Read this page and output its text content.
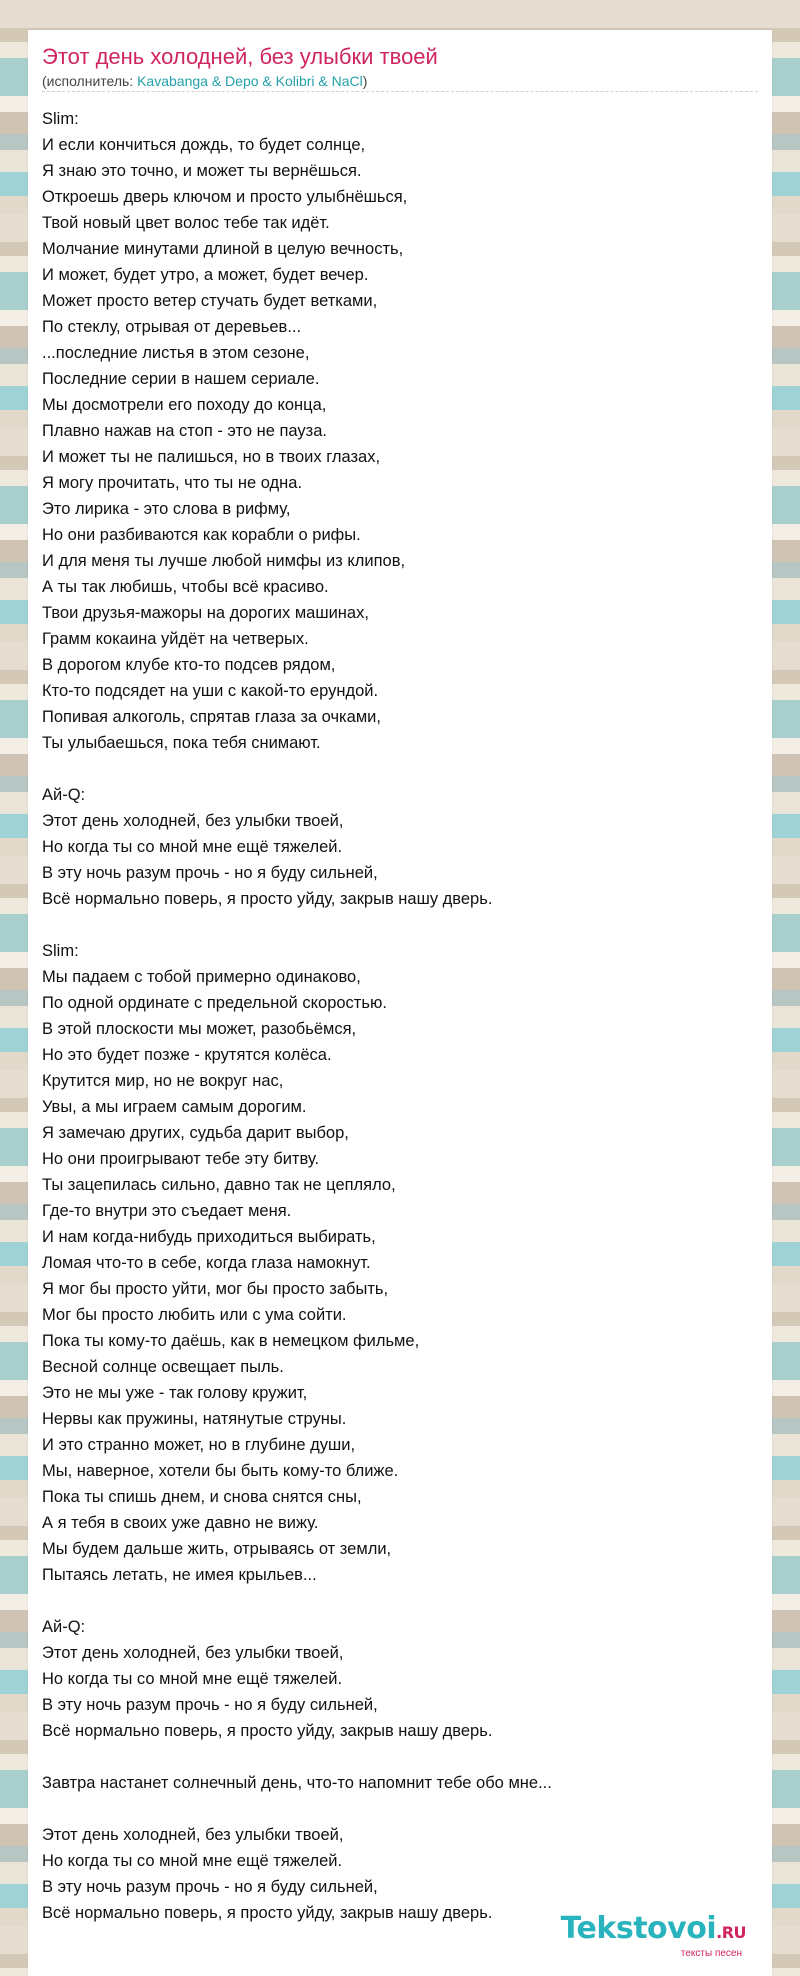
Этот день холодней, без улыбки твоей
(исполнитель: Kavabanga & Depo & Kolibri & NaCl)
Slim:
И если кончиться дождь, то будет солнце,
Я знаю это точно, и может ты вернёшься.
Откроешь дверь ключом и просто улыбнёшься,
Твой новый цвет волос тебе так идёт.
Молчание минутами длиной в целую вечность,
И может, будет утро, а может, будет вечер.
Может просто ветер стучать будет ветками,
По стеклу, отрывая от деревьев...
...последние листья в этом сезоне,
Последние серии в нашем сериале.
Мы досмотрели его походу до конца,
Плавно нажав на стоп - это не пауза.
И может ты не палишься, но в твоих глазах,
Я могу прочитать, что ты не одна.
Это лирика - это слова в рифму,
Но они разбиваются как корабли о рифы.
И для меня ты лучше любой нимфы из клипов,
А ты так любишь, чтобы всё красиво.
Твои друзья-мажоры на дорогих машинах,
Грамм кокаина уйдёт на четверых.
В дорогом клубе кто-то подсев рядом,
Кто-то подсядет на уши с какой-то ерундой.
Попивая алкоголь, спрятав глаза за очками,
Ты улыбаешься, пока тебя снимают.
Ай-Q:
Этот день холодней, без улыбки твоей,
Но когда ты со мной мне ещё тяжелей.
В эту ночь разум прочь - но я буду сильней,
Всё нормально поверь, я просто уйду, закрыв нашу дверь.
Slim:
Мы падаем с тобой примерно одинаково,
По одной ординате с предельной скоростью.
В этой плоскости мы может, разобьёмся,
Но это будет позже - крутятся колёса.
Крутится мир, но не вокруг нас,
Увы, а мы играем самым дорогим.
Я замечаю других, судьба дарит выбор,
Но они проигрывают тебе эту битву.
Ты зацепилась сильно, давно так не цепляло,
Где-то внутри это съедает меня.
И нам когда-нибудь приходиться выбирать,
Ломая что-то в себе, когда глаза намокнут.
Я мог бы просто уйти, мог бы просто забыть,
Мог бы просто любить или с ума сойти.
Пока ты кому-то даёшь, как в немецком фильме,
Весной солнце освещает пыль.
Это не мы уже - так голову кружит,
Нервы как пружины, натянутые струны.
И это странно может, но в глубине души,
Мы, наверное, хотели бы быть кому-то ближе.
Пока ты спишь днем, и снова снятся сны,
А я тебя в своих уже давно не вижу.
Мы будем дальше жить, отрываясь от земли,
Пытаясь летать, не имея крыльев...
Ай-Q:
Этот день холодней, без улыбки твоей,
Но когда ты со мной мне ещё тяжелей.
В эту ночь разум прочь - но я буду сильней,
Всё нормально поверь, я просто уйду, закрыв нашу дверь.
Завтра настанет солнечный день, что-то напомнит тебе обо мне...
Этот день холодней, без улыбки твоей,
Но когда ты со мной мне ещё тяжелей.
В эту ночь разум прочь - но я буду сильней,
Всё нормально поверь, я просто уйду, закрыв нашу дверь.	Tekstovoi.RU
тексты песен
